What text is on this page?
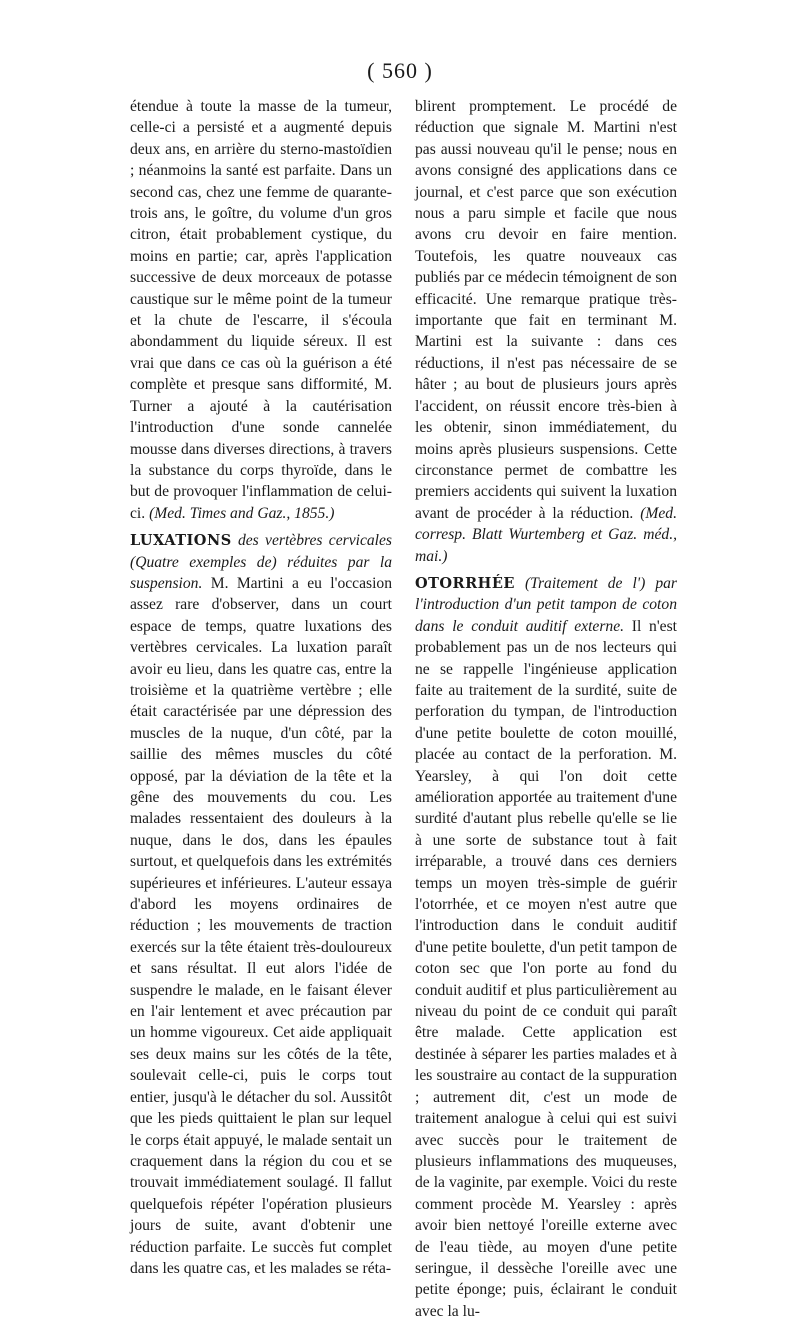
( 560 )

étendue à toute la masse de la tumeur, celle-ci a persisté et a augmenté depuis deux ans, en arrière du sterno-mastoïdien ; néanmoins la santé est parfaite. Dans un second cas, chez une femme de quarante-trois ans, le goître, du volume d'un gros citron, était probablement cystique, du moins en partie; car, après l'application successive de deux morceaux de potasse caustique sur le même point de la tumeur et la chute de l'escarre, il s'écoula abondamment du liquide séreux. Il est vrai que dans ce cas où la guérison a été complète et presque sans difformité, M. Turner a ajouté à la cautérisation l'introduction d'une sonde cannelée mousse dans diverses directions, à travers la substance du corps thyroïde, dans le but de provoquer l'inflammation de celui-ci. (Med. Times and Gaz., 1855.)

LUXATIONS des vertèbres cervicales (Quatre exemples de) réduites par la suspension. M. Martini a eu l'occasion assez rare d'observer, dans un court espace de temps, quatre luxations des vertèbres cervicales. La luxation paraît avoir eu lieu, dans les quatre cas, entre la troisième et la quatrième vertèbre ; elle était caractérisée par une dépression des muscles de la nuque, d'un côté, par la saillie des mêmes muscles du côté opposé, par la déviation de la tête et la gêne des mouvements du cou. Les malades ressentaient des douleurs à la nuque, dans le dos, dans les épaules surtout, et quelquefois dans les extrémités supérieures et inférieures. L'auteur essaya d'abord les moyens ordinaires de réduction ; les mouvements de traction exercés sur la tête étaient très-douloureux et sans résultat. Il eut alors l'idée de suspendre le malade, en le faisant élever en l'air lentement et avec précaution par un homme vigoureux. Cet aide appliquait ses deux mains sur les côtés de la tête, soulevait celle-ci, puis le corps tout entier, jusqu'à le détacher du sol. Aussitôt que les pieds quittaient le plan sur lequel le corps était appuyé, le malade sentait un craquement dans la région du cou et se trouvait immédiatement soulagé. Il fallut quelquefois répéter l'opération plusieurs jours de suite, avant d'obtenir une réduction parfaite. Le succès fut complet dans les quatre cas, et les malades se réta-

blirent promptement. Le procédé de réduction que signale M. Martini n'est pas aussi nouveau qu'il le pense; nous en avons consigné des applications dans ce journal, et c'est parce que son exécution nous a paru simple et facile que nous avons cru devoir en faire mention. Toutefois, les quatre nouveaux cas publiés par ce médecin témoignent de son efficacité. Une remarque pratique très-importante que fait en terminant M. Martini est la suivante : dans ces réductions, il n'est pas nécessaire de se hâter ; au bout de plusieurs jours après l'accident, on réussit encore très-bien à les obtenir, sinon immédiatement, du moins après plusieurs suspensions. Cette circonstance permet de combattre les premiers accidents qui suivent la luxation avant de procéder à la réduction. (Med. corresp. Blatt Wurtemberg et Gaz. méd., mai.)

OTORRHÉE (Traitement de l') par l'introduction d'un petit tampon de coton dans le conduit auditif externe. Il n'est probablement pas un de nos lecteurs qui ne se rappelle l'ingénieuse application faite au traitement de la surdité, suite de perforation du tympan, de l'introduction d'une petite boulette de coton mouillé, placée au contact de la perforation. M. Yearsley, à qui l'on doit cette amélioration apportée au traitement d'une surdité d'autant plus rebelle qu'elle se lie à une sorte de substance tout à fait irréparable, a trouvé dans ces derniers temps un moyen très-simple de guérir l'otorrhée, et ce moyen n'est autre que l'introduction dans le conduit auditif d'une petite boulette, d'un petit tampon de coton sec que l'on porte au fond du conduit auditif et plus particulièrement au niveau du point de ce conduit qui paraît être malade. Cette application est destinée à séparer les parties malades et à les soustraire au contact de la suppuration ; autrement dit, c'est un mode de traitement analogue à celui qui est suivi avec succès pour le traitement de plusieurs inflammations des muqueuses, de la vaginite, par exemple. Voici du reste comment procède M. Yearsley : après avoir bien nettoyé l'oreille externe avec de l'eau tiède, au moyen d'une petite seringue, il dessèche l'oreille avec une petite éponge; puis, éclairant le conduit avec la lu-
